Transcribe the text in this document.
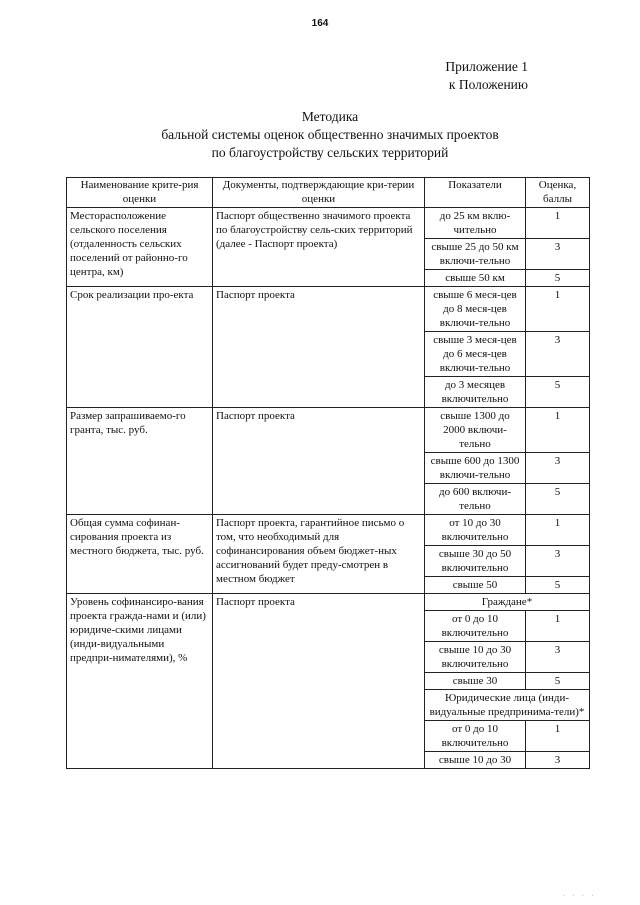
164
Приложение 1
к Положению
Методика
бальной системы оценок общественно значимых проектов
по благоустройству сельских территорий
Наименование крите-рия оценки	Документы, подтверждающие кри-терии оценки	Показатели	Оценка, баллы
Месторасположение сельского поселения (отдаленность сельских поселений от районно-го центра, км)	Паспорт общественно значимого проекта по благоустройству сель-ских территорий (далее - Паспорт проекта)	до 25 км вклю-чительно	1
		свыше 25 до 50 км включи-тельно	3
		свыше 50 км	5
Срок реализации про-екта	Паспорт проекта	свыше 6 меся-цев до 8 меся-цев включи-тельно	1
		свыше 3 меся-цев до 6 меся-цев включи-тельно	3
		до 3 месяцев включительно	5
Размер запрашиваемо-го гранта, тыс. руб.	Паспорт проекта	свыше 1300 до 2000 включи-тельно	1
		свыше 600 до 1300 включи-тельно	3
		до 600 включи-тельно	5
Общая сумма софинан-сирования проекта из местного бюджета, тыс. руб.	Паспорт проекта, гарантийное письмо о том, что необходимый для софинансирования объем бюджет-ных ассигнований будет преду-смотрен в местном бюджет	от 10 до 30 включительно	1
		свыше 30 до 50 включительно	3
		свыше 50	5
Уровень софинансиро-вания проекта гражда-нами и (или) юридиче-скими лицами (инди-видуальными предпри-нимателями), %	Паспорт проекта	Граждане*	
		от 0 до 10 включительно	1
		свыше 10 до 30 включительно	3
		свыше 30	5
		Юридические лица (инди-видуальные предпринима-тели)*	
		от 0 до 10 включительно	1
		свыше 10 до 30	3
· · · ·
